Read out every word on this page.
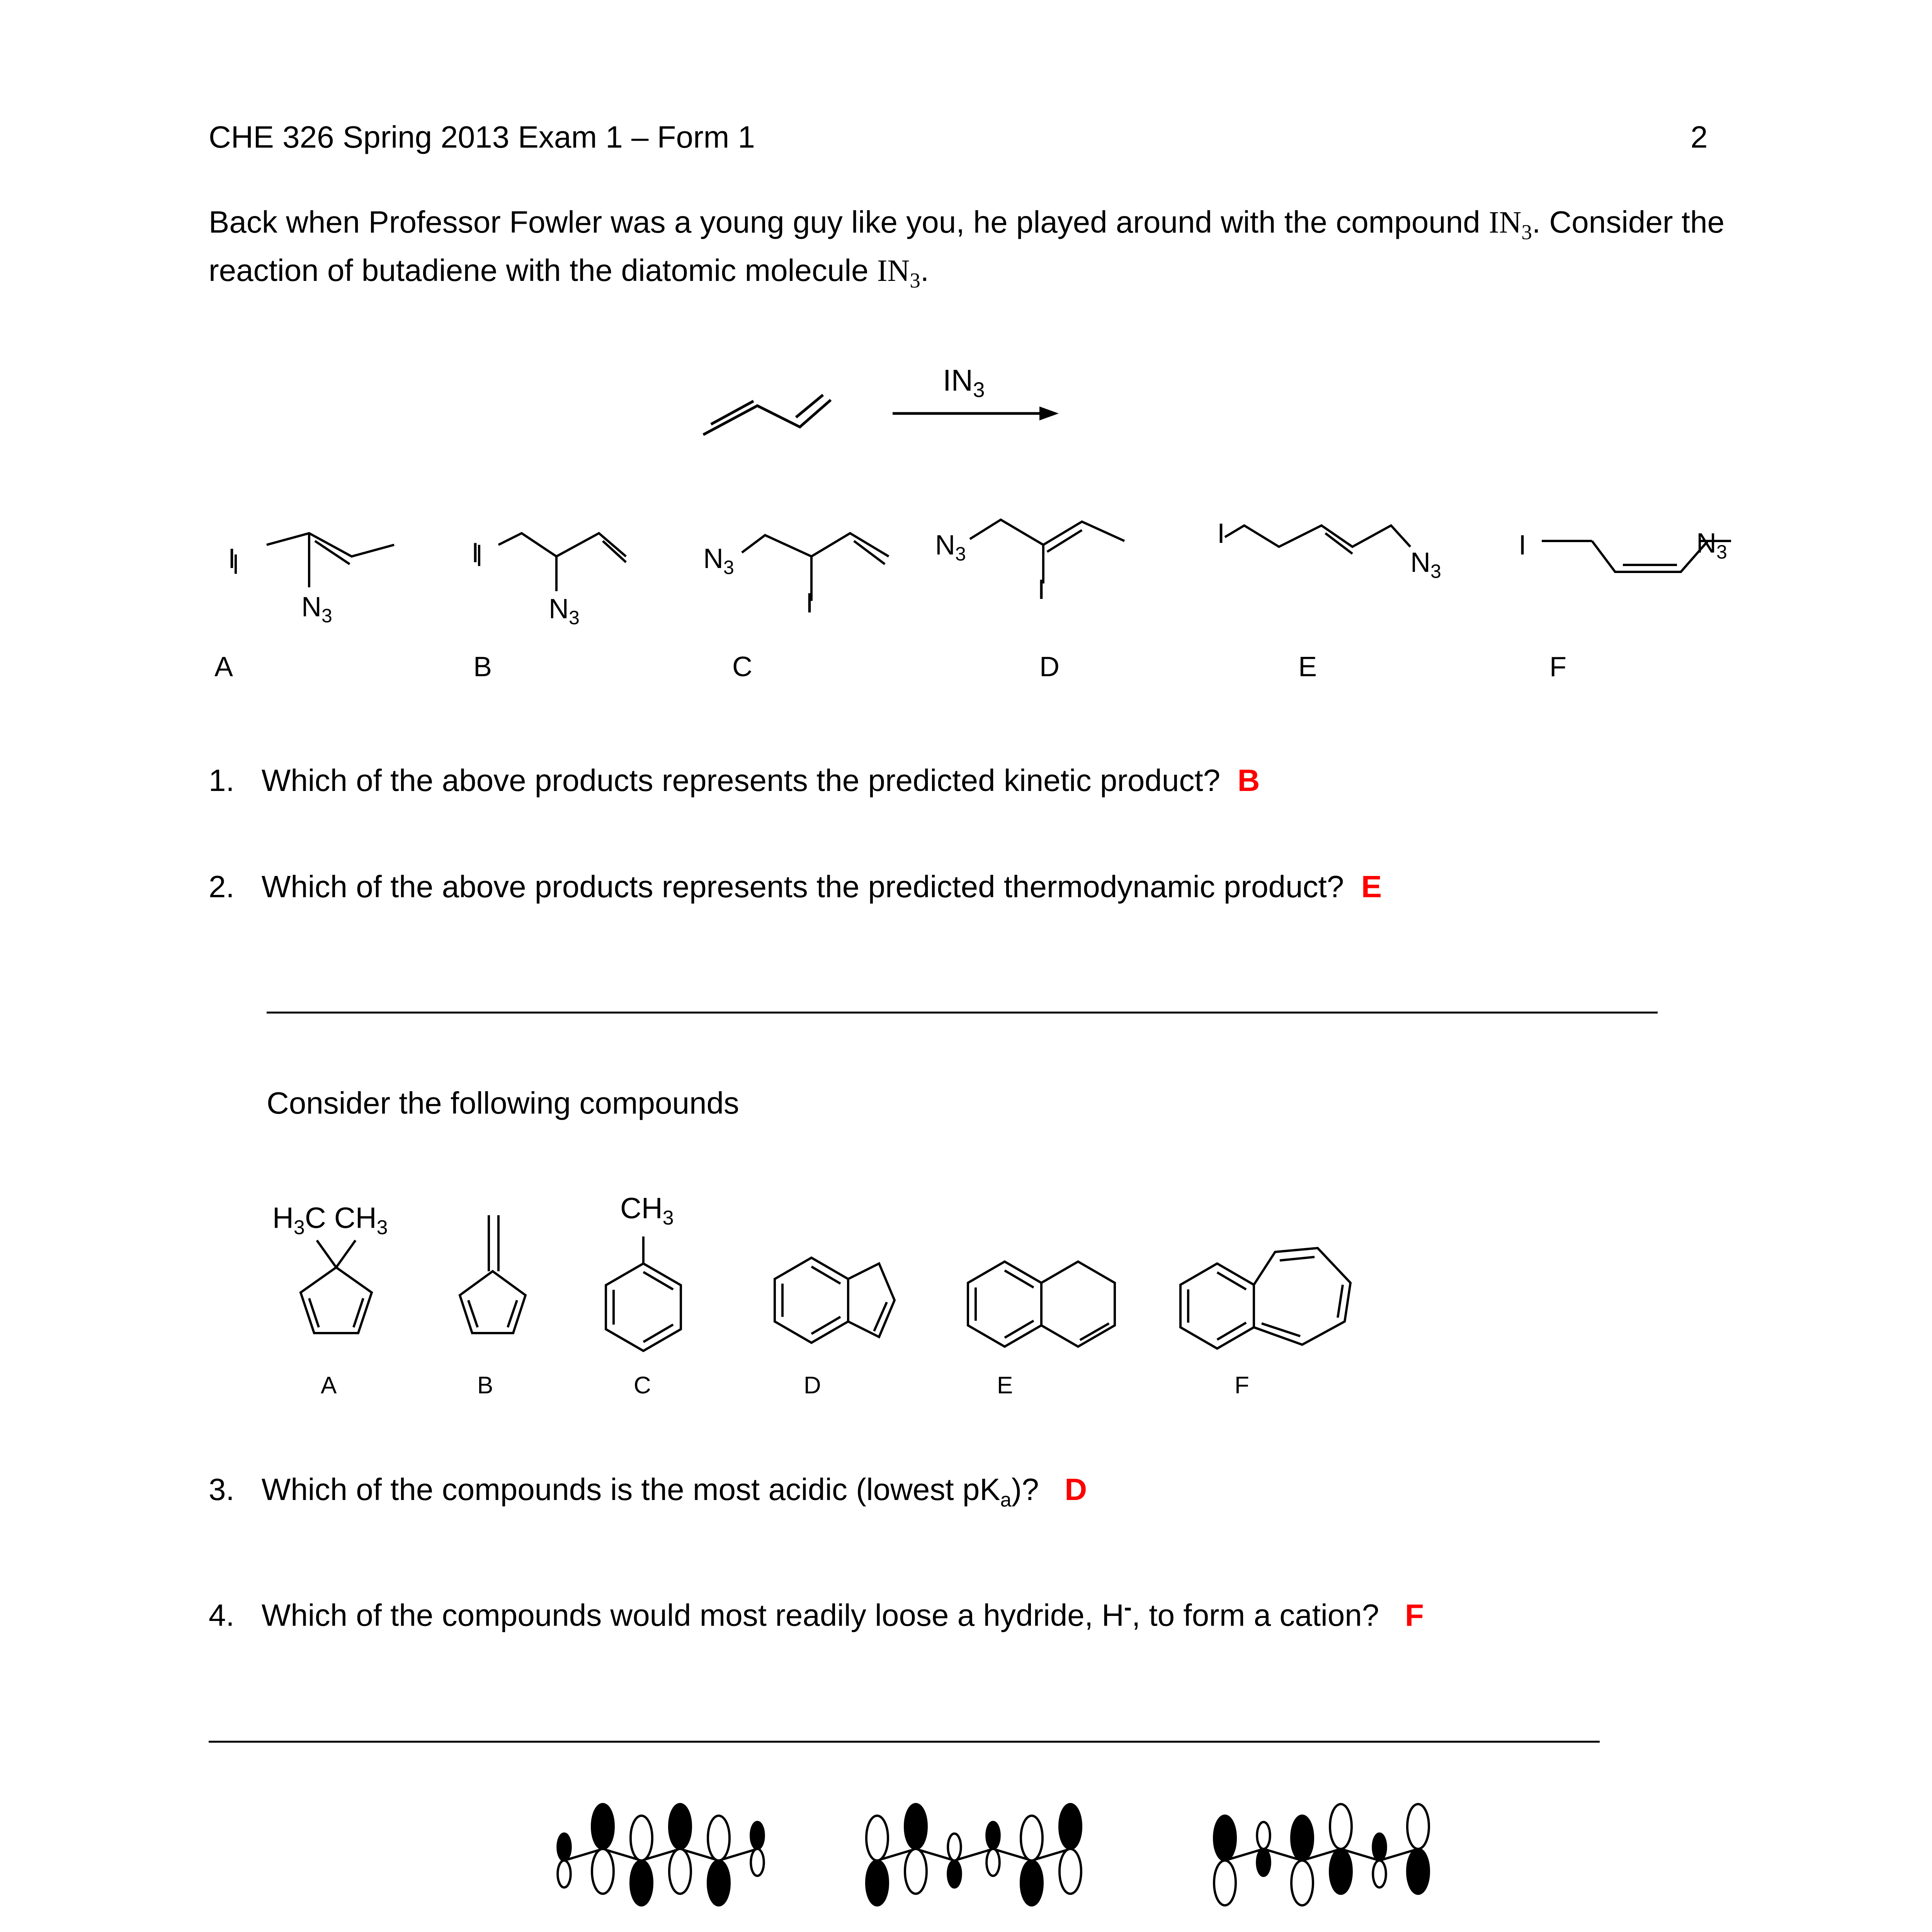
CHE 326 Spring 2013 Exam 1 – Form 1	2
Back when Professor Fowler was a young guy like you, he played around with the compound $IN_3$. Consider the
reaction of butadiene with the diatomic molecule $IN_3$.
$IN_3$
I
$N_3$
I
$N_3$
$N_3$
I
$N_3$
I
I
$N_3$
I	$N_3$
A	B	C	D	E	F
1. Which of the above products represents the predicted kinetic product? B
2. Which of the above products represents the predicted thermodynamic product? E
Consider the following compounds
$H_3C$ $CH_3$
$CH_3$
A	B	C	D	E	F
3. Which of the compounds is the most acidic (lowest $pK_a$)? D
4. Which of the compounds would most readily loose a hydride, H-, to form a cation? F
